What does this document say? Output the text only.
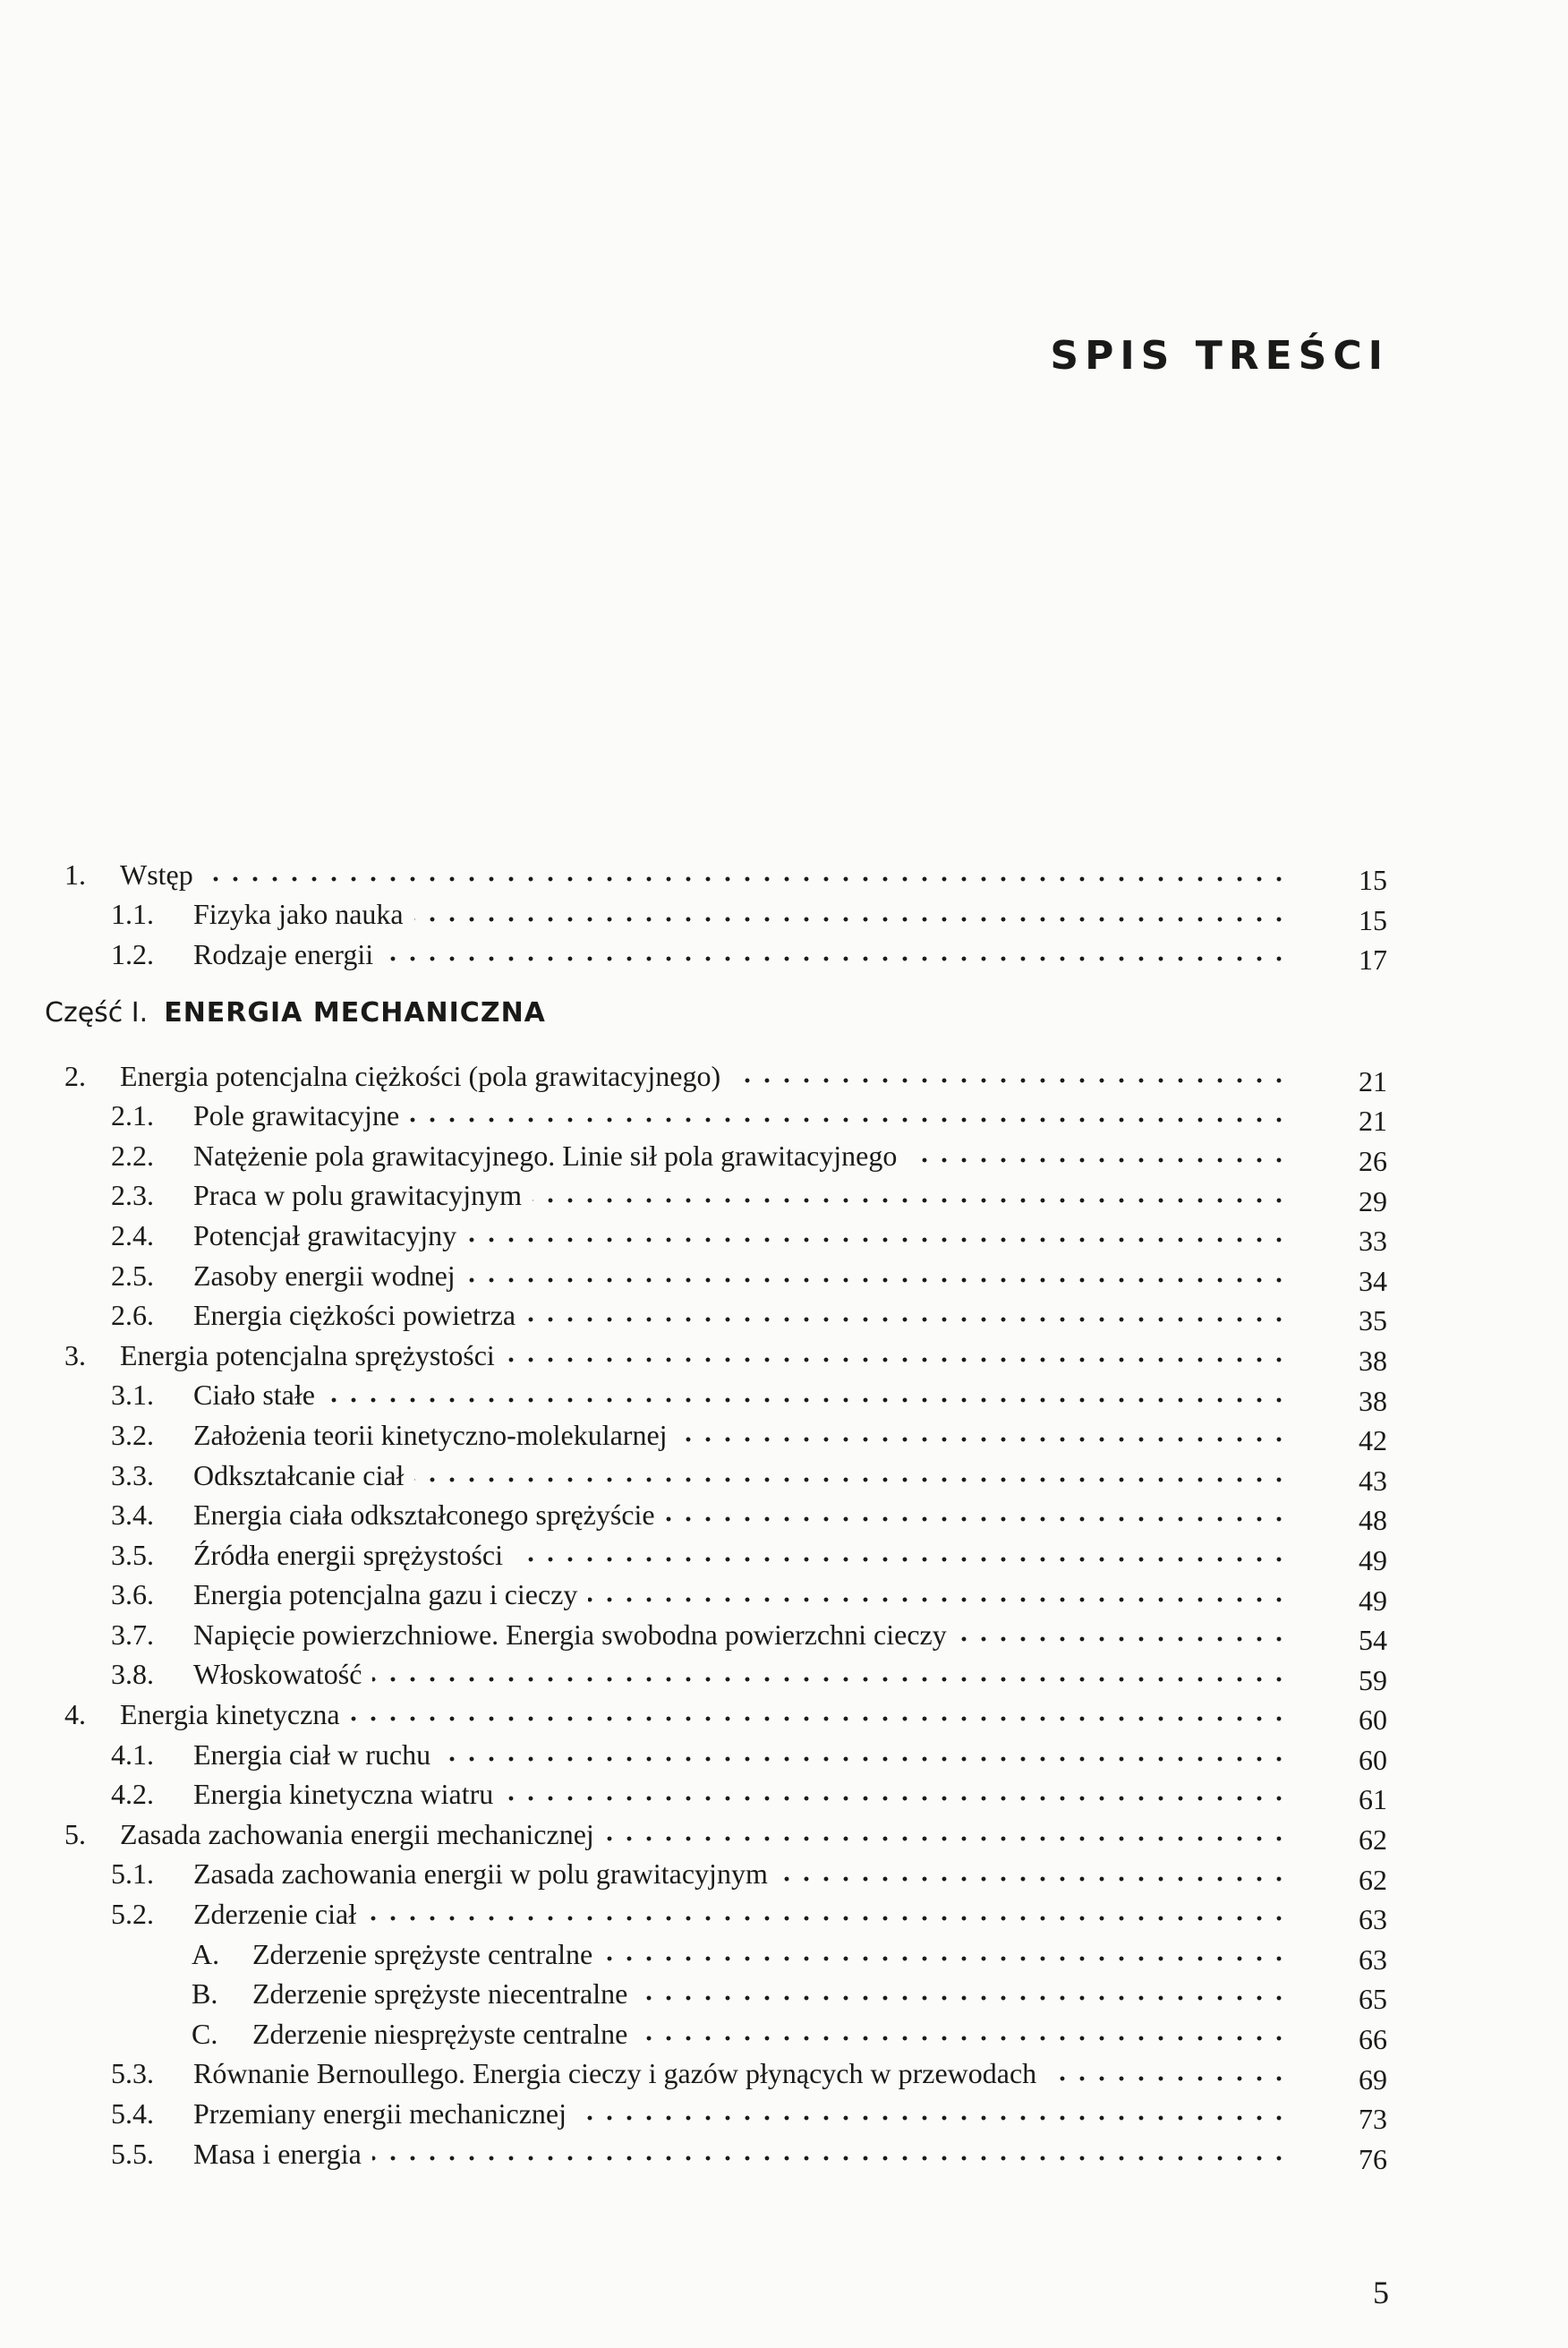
SPIS TREŚCI
1. Wstęp	15
1.1. Fizyka jako nauka	15
1.2. Rodzaje energii	17
Część I. ENERGIA MECHANICZNA
2. Energia potencjalna ciężkości (pola grawitacyjnego)	21
2.1. Pole grawitacyjne	21
2.2. Natężenie pola grawitacyjnego. Linie sił pola grawitacyjnego	26
2.3. Praca w polu grawitacyjnym	29
2.4. Potencjał grawitacyjny	33
2.5. Zasoby energii wodnej	34
2.6. Energia ciężkości powietrza	35
3. Energia potencjalna sprężystości	38
3.1. Ciało stałe	38
3.2. Założenia teorii kinetyczno-molekularnej	42
3.3. Odkształcanie ciał	43
3.4. Energia ciała odkształconego sprężyście	48
3.5. Źródła energii sprężystości	49
3.6. Energia potencjalna gazu i cieczy	49
3.7. Napięcie powierzchniowe. Energia swobodna powierzchni cieczy	54
3.8. Włoskowatość	59
4. Energia kinetyczna	60
4.1. Energia ciał w ruchu	60
4.2. Energia kinetyczna wiatru	61
5. Zasada zachowania energii mechanicznej	62
5.1. Zasada zachowania energii w polu grawitacyjnym	62
5.2. Zderzenie ciał	63
A. Zderzenie sprężyste centralne	63
B. Zderzenie sprężyste niecentralne	65
C. Zderzenie niesprężyste centralne	66
5.3. Równanie Bernoullego. Energia cieczy i gazów płynących w przewodach	69
5.4. Przemiany energii mechanicznej	73
5.5. Masa i energia	76
5
